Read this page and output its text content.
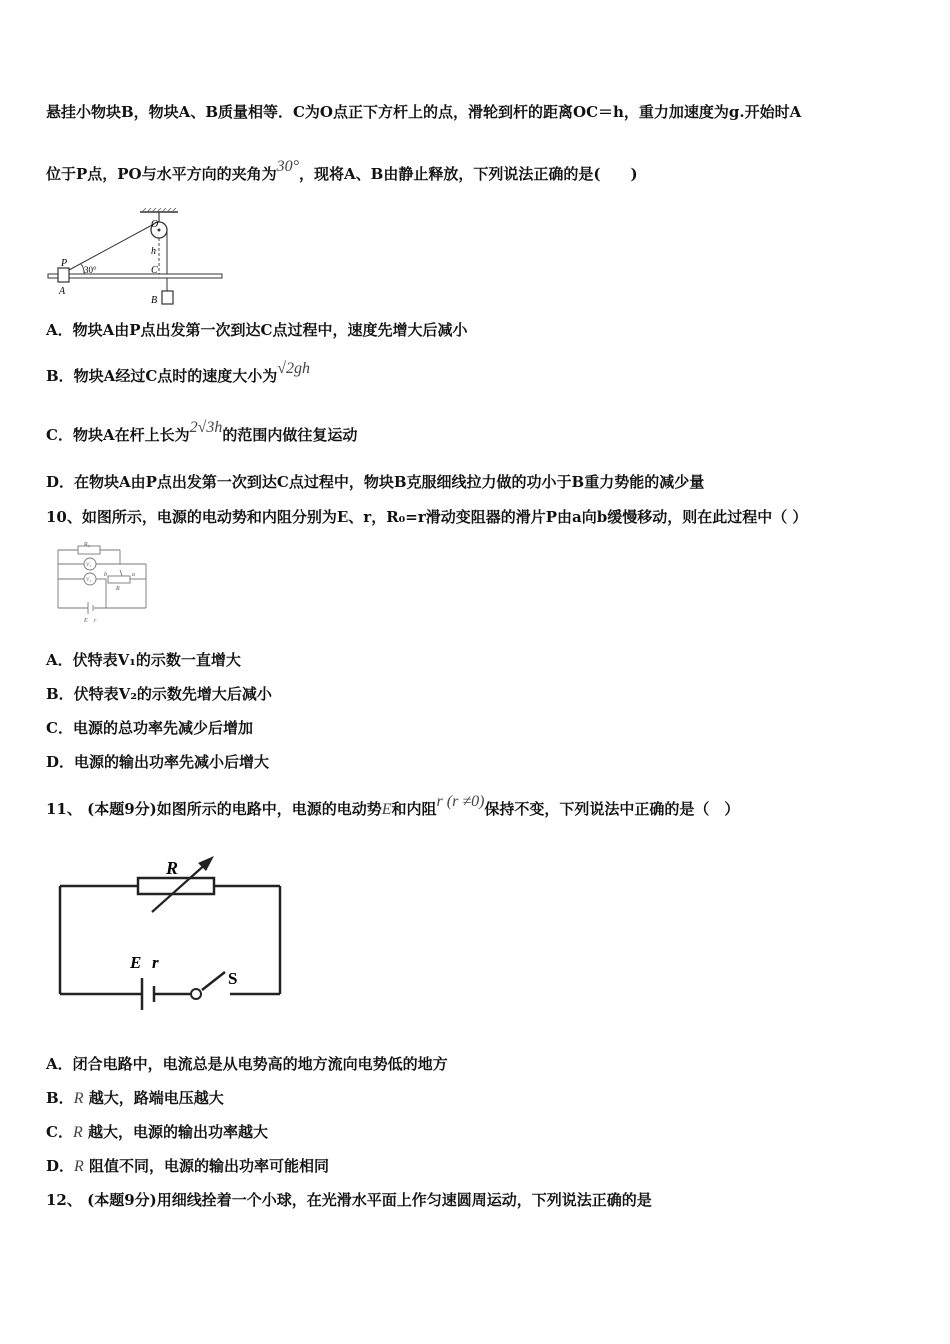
悬挂小物块B，物块A、B质量相等．C为O点正下方杆上的点，滑轮到杆的距离OC＝h，重力加速度为g.开始时A
位于P点，PO与水平方向的夹角为30°，现将A、B由静止释放，下列说法正确的是(　　)
O
h
P
30°	C
A
B
A．物块A由P点出发第一次到达C点过程中，速度先增大后减小
B．物块A经过C点时的速度大小为√2gh
C．物块A在杆上长为2√3h的范围内做往复运动
D．在物块A由P点出发第一次到达C点过程中，物块B克服细线拉力做的功小于B重力势能的减少量
10、如图所示，电源的电动势和内阻分别为E、r，R₀=r滑动变阻器的滑片P由a向b缓慢移动，则在此过程中（ ）
R₀
V₁
V₂
R
a
b
E r
A．伏特表V₁的示数一直增大
B．伏特表V₂的示数先增大后减小
C．电源的总功率先减少后增加
D．电源的输出功率先减小后增大
11、 (本题9分)如图所示的电路中，电源的电动势E和内阻r (r ≠0)保持不变，下列说法中正确的是（　）
R
E r
S
A．闭合电路中，电流总是从电势高的地方流向电势低的地方
B．R 越大，路端电压越大
C．R 越大，电源的输出功率越大
D．R 阻值不同，电源的输出功率可能相同
12、 (本题9分)用细线拴着一个小球，在光滑水平面上作匀速圆周运动，下列说法正确的是
